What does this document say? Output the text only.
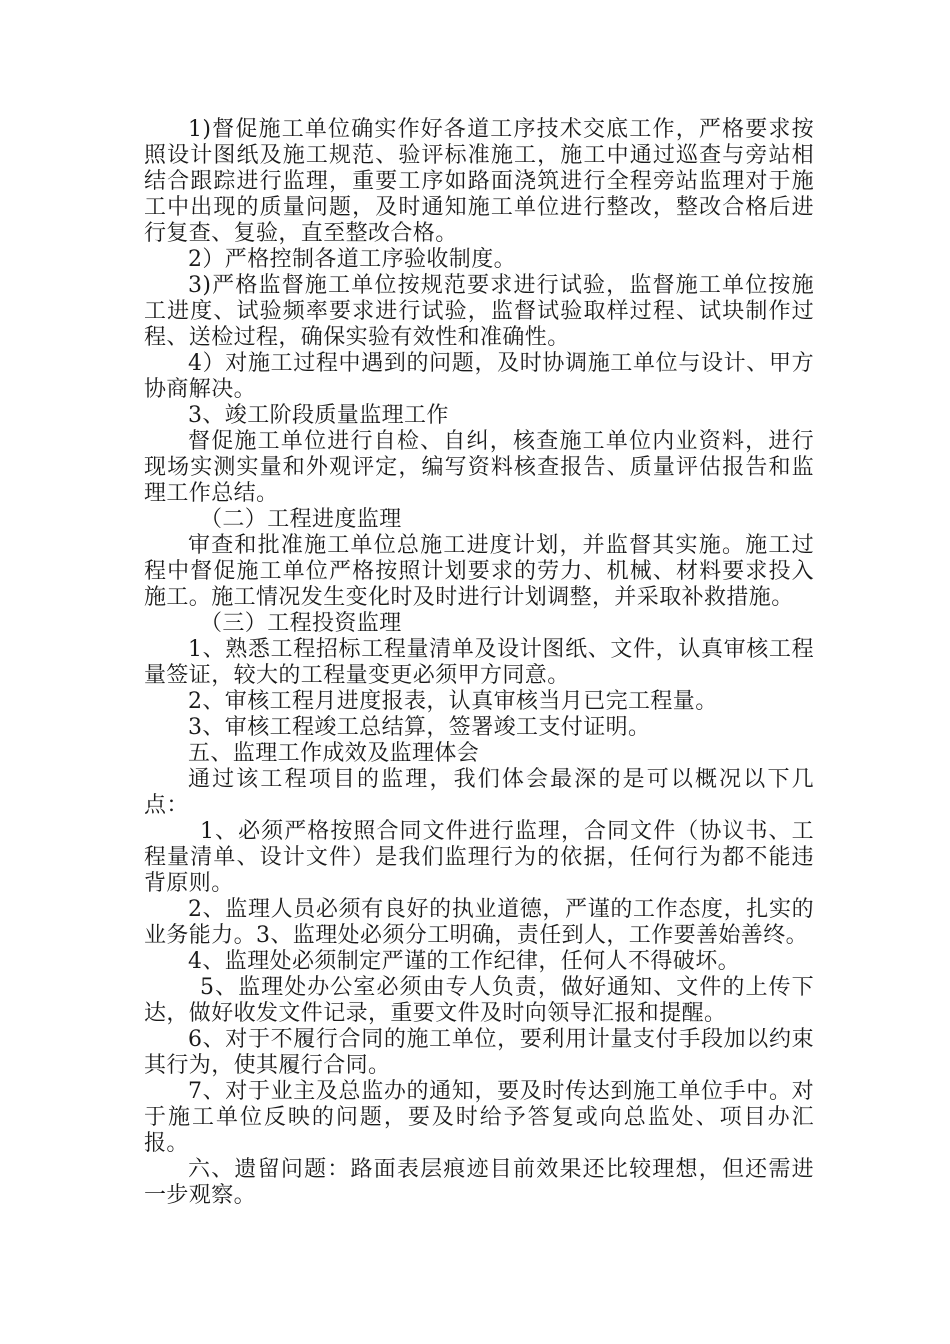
1)督促施工单位确实作好各道工序技术交底工作，严格要求按照设计图纸及施工规范、验评标准施工，施工中通过巡查与旁站相结合跟踪进行监理，重要工序如路面浇筑进行全程旁站监理对于施工中出现的质量问题，及时通知施工单位进行整改，整改合格后进行复查、复验，直至整改合格。

2）严格控制各道工序验收制度。

3)严格监督施工单位按规范要求进行试验，监督施工单位按施工进度、试验频率要求进行试验，监督试验取样过程、试块制作过程、送检过程，确保实验有效性和准确性。

4）对施工过程中遇到的问题，及时协调施工单位与设计、甲方协商解决。

3、竣工阶段质量监理工作

督促施工单位进行自检、自纠，核查施工单位内业资料，进行现场实测实量和外观评定，编写资料核查报告、质量评估报告和监理工作总结。

（二）工程进度监理

审查和批准施工单位总施工进度计划，并监督其实施。施工过程中督促施工单位严格按照计划要求的劳力、机械、材料要求投入施工。施工情况发生变化时及时进行计划调整，并采取补救措施。

（三）工程投资监理

1、熟悉工程招标工程量清单及设计图纸、文件，认真审核工程量签证，较大的工程量变更必须甲方同意。

2、审核工程月进度报表，认真审核当月已完工程量。

3、审核工程竣工总结算，签署竣工支付证明。

五、监理工作成效及监理体会

通过该工程项目的监理，我们体会最深的是可以概况以下几点：

1、必须严格按照合同文件进行监理，合同文件（协议书、工程量清单、设计文件）是我们监理行为的依据，任何行为都不能违背原则。

2、监理人员必须有良好的执业道德，严谨的工作态度，扎实的业务能力。3、监理处必须分工明确，责任到人，工作要善始善终。

4、监理处必须制定严谨的工作纪律，任何人不得破坏。

5、监理处办公室必须由专人负责，做好通知、文件的上传下达，做好收发文件记录，重要文件及时向领导汇报和提醒。

6、对于不履行合同的施工单位，要利用计量支付手段加以约束其行为，使其履行合同。

7、对于业主及总监办的通知，要及时传达到施工单位手中。对于施工单位反映的问题，要及时给予答复或向总监处、项目办汇报。

六、遗留问题：路面表层痕迹目前效果还比较理想，但还需进一步观察。
